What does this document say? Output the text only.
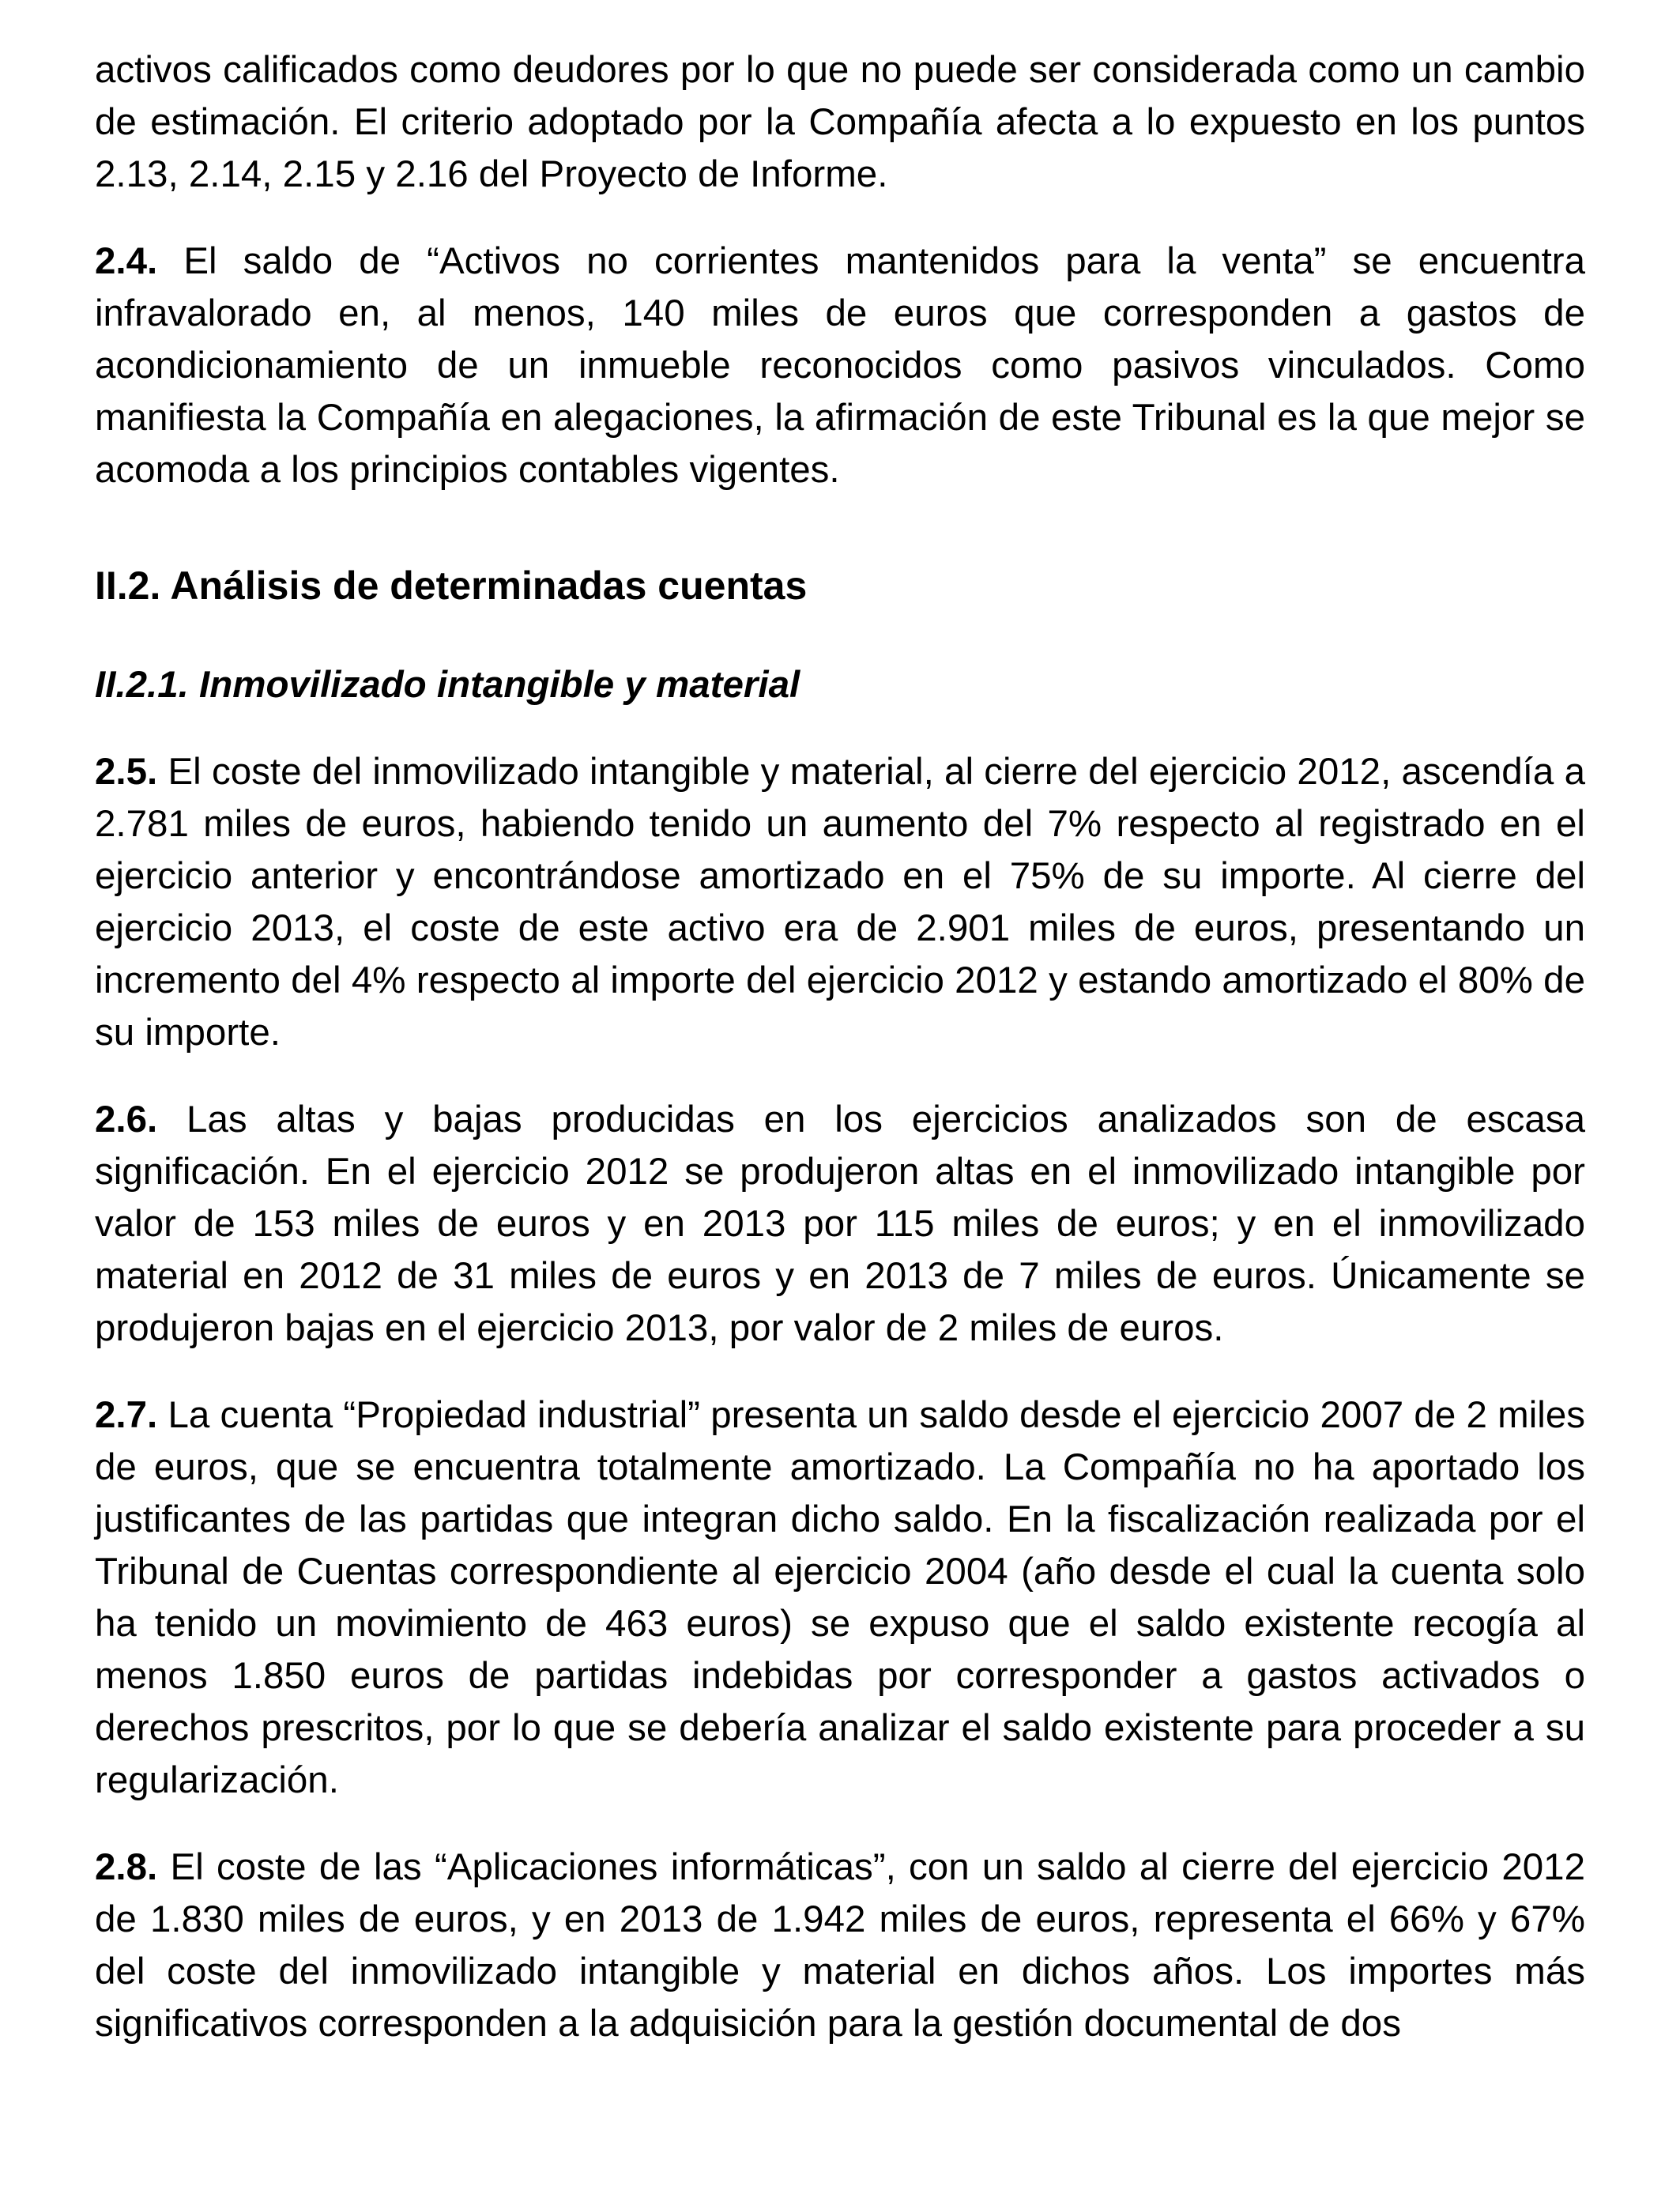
activos calificados como deudores por lo que no puede ser considerada como un cambio de estimación. El criterio adoptado por la Compañía afecta a lo expuesto en los puntos 2.13, 2.14, 2.15 y 2.16 del Proyecto de Informe.

2.4. El saldo de “Activos no corrientes mantenidos para la venta” se encuentra infravalorado en, al menos, 140 miles de euros que corresponden a gastos de acondicionamiento de un inmueble reconocidos como pasivos vinculados. Como manifiesta la Compañía en alegaciones, la afirmación de este Tribunal es la que mejor se acomoda a los principios contables vigentes.

II.2. Análisis de determinadas cuentas
II.2.1. Inmovilizado intangible y material

2.5. El coste del inmovilizado intangible y material, al cierre del ejercicio 2012, ascendía a 2.781 miles de euros, habiendo tenido un aumento del 7% respecto al registrado en el ejercicio anterior y encontrándose amortizado en el 75% de su importe. Al cierre del ejercicio 2013, el coste de este activo era de 2.901 miles de euros, presentando un incremento del 4% respecto al importe del ejercicio 2012 y estando amortizado el 80% de su importe.

2.6. Las altas y bajas producidas en los ejercicios analizados son de escasa significación. En el ejercicio 2012 se produjeron altas en el inmovilizado intangible por valor de 153 miles de euros y en 2013 por 115 miles de euros; y en el inmovilizado material en 2012 de 31 miles de euros y en 2013 de 7 miles de euros. Únicamente se produjeron bajas en el ejercicio 2013, por valor de 2 miles de euros.

2.7. La cuenta “Propiedad industrial” presenta un saldo desde el ejercicio 2007 de 2 miles de euros, que se encuentra totalmente amortizado. La Compañía no ha aportado los justificantes de las partidas que integran dicho saldo. En la fiscalización realizada por el Tribunal de Cuentas correspondiente al ejercicio 2004 (año desde el cual la cuenta solo ha tenido un movimiento de 463 euros) se expuso que el saldo existente recogía al menos 1.850 euros de partidas indebidas por corresponder a gastos activados o derechos prescritos, por lo que se debería analizar el saldo existente para proceder a su regularización.

2.8. El coste de las “Aplicaciones informáticas”, con un saldo al cierre del ejercicio 2012 de 1.830 miles de euros, y en 2013 de 1.942 miles de euros, representa el 66% y 67% del coste del inmovilizado intangible y material en dichos años. Los importes más significativos corresponden a la adquisición para la gestión documental de dos
